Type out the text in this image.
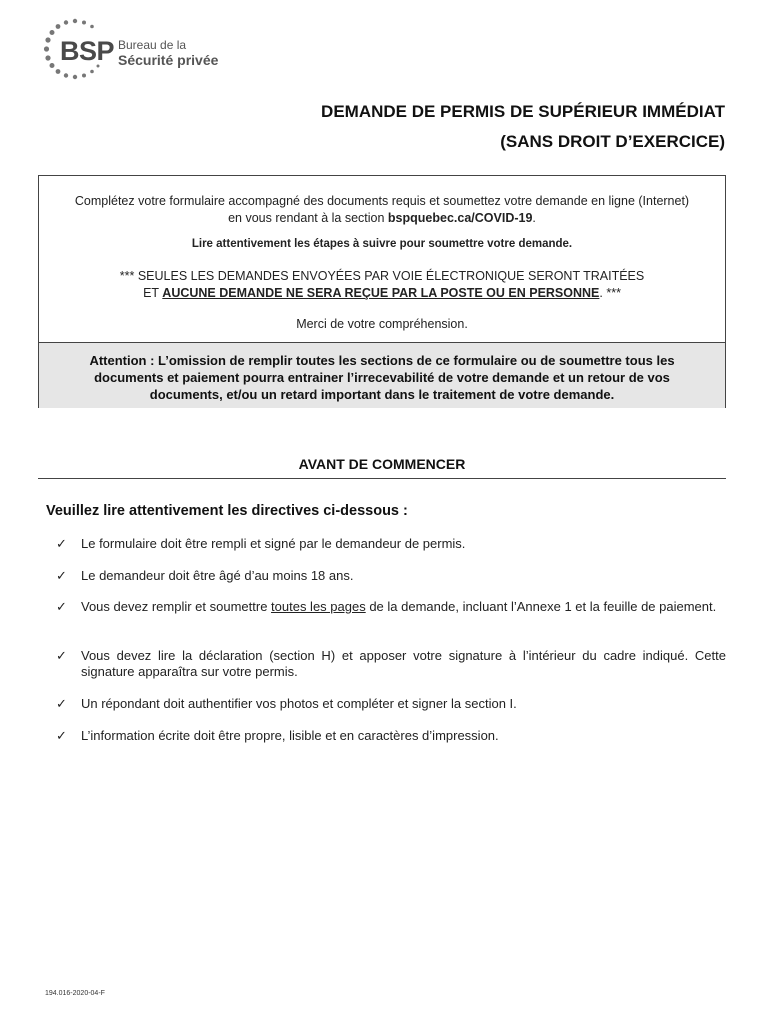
BSP Bureau de la
Sécurité privée
DEMANDE DE PERMIS DE SUPÉRIEUR IMMÉDIAT
(SANS DROIT D’EXERCICE)
Complétez votre formulaire accompagné des documents requis et soumettez votre demande en ligne (Internet)
en vous rendant à la section bspquebec.ca/COVID-19.
Lire attentivement les étapes à suivre pour soumettre votre demande.
*** SEULES LES DEMANDES ENVOYÉES PAR VOIE ÉLECTRONIQUE SERONT TRAITÉES
ET AUCUNE DEMANDE NE SERA REÇUE PAR LA POSTE OU EN PERSONNE. ***
Merci de votre compréhension.
Attention : L’omission de remplir toutes les sections de ce formulaire ou de soumettre tous les documents et paiement pourra entrainer l’irrecevabilité de votre demande et un retour de vos documents, et/ou un retard important dans le traitement de votre demande.
AVANT DE COMMENCER
Veuillez lire attentivement les directives ci-dessous :
✓ Le formulaire doit être rempli et signé par le demandeur de permis.
✓ Le demandeur doit être âgé d’au moins 18 ans.
✓ Vous devez remplir et soumettre toutes les pages de la demande, incluant l’Annexe 1 et la feuille de paiement.
✓ Vous devez lire la déclaration (section H) et apposer votre signature à l’intérieur du cadre indiqué. Cette signature apparaîtra sur votre permis.
✓ Un répondant doit authentifier vos photos et compléter et signer la section I.
✓ L’information écrite doit être propre, lisible et en caractères d’impression.
194.016-2020-04-F
